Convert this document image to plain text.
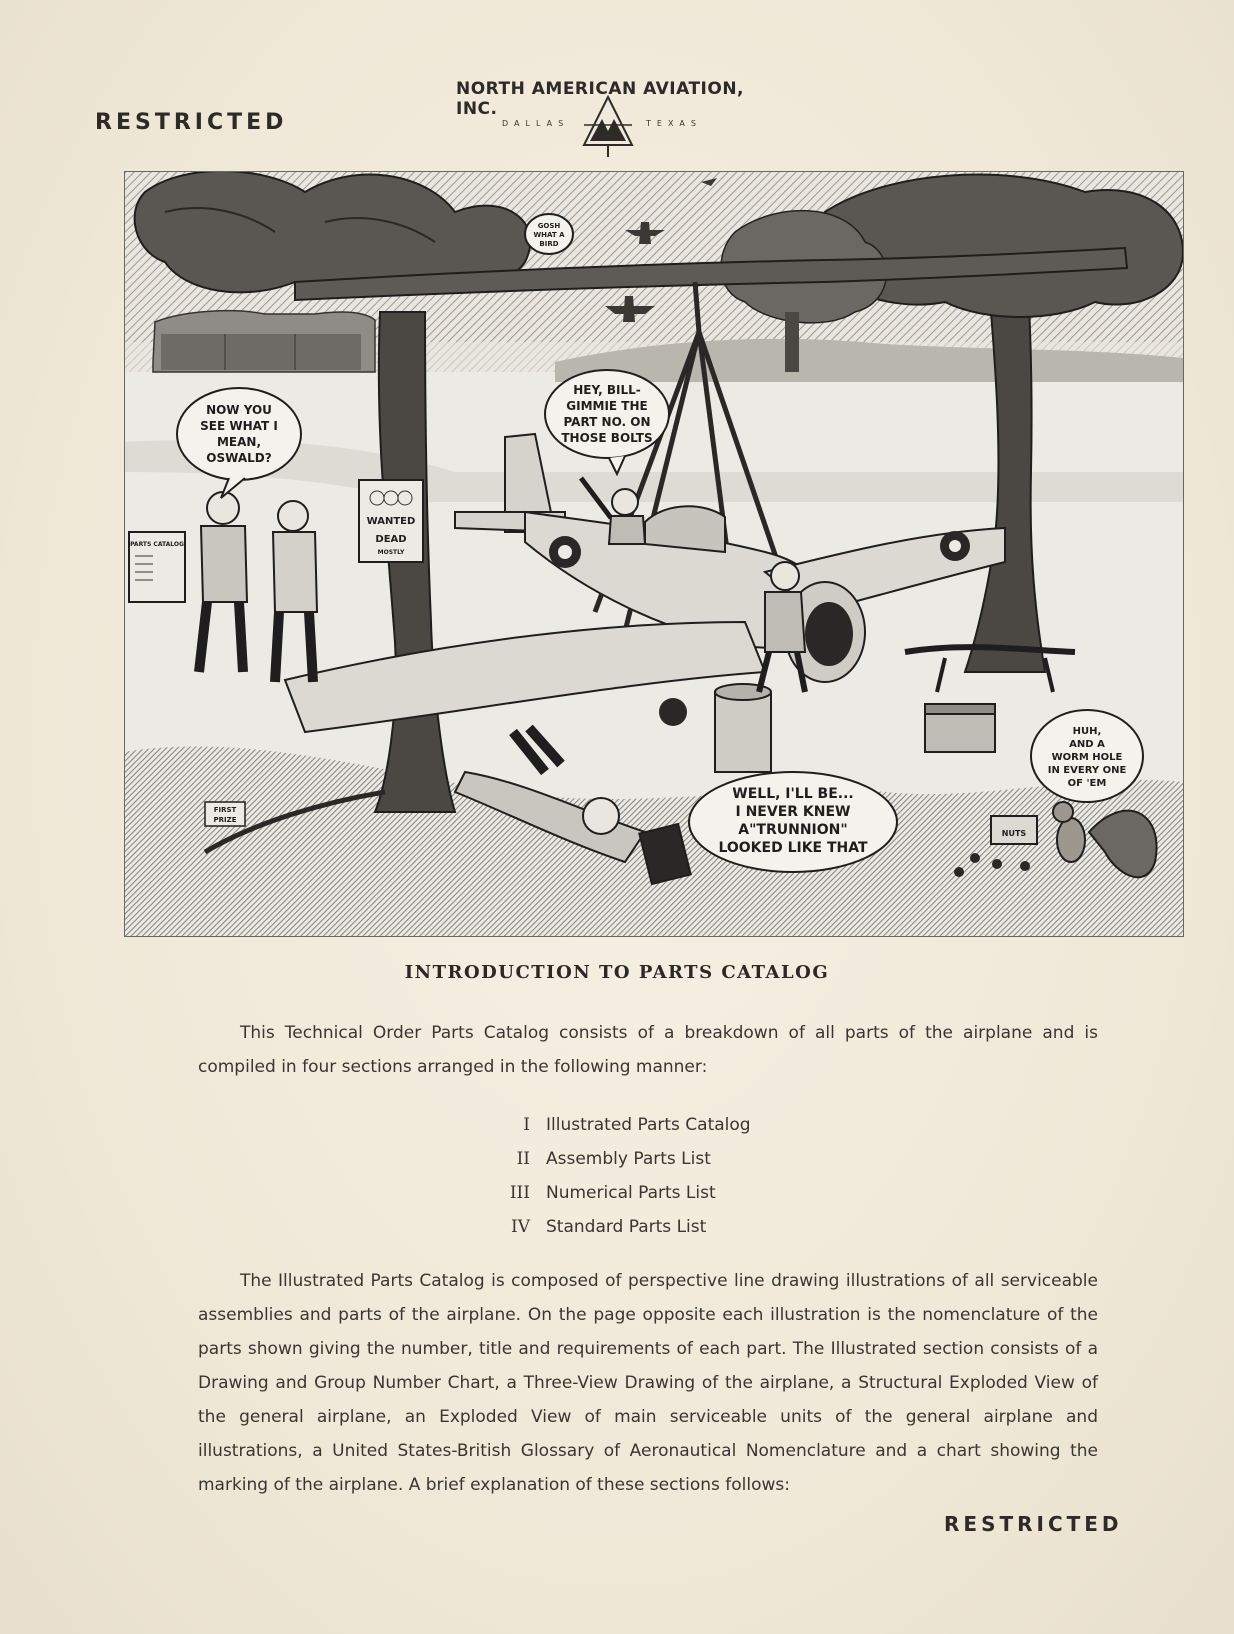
RESTRICTED
NORTH AMERICAN AVIATION, INC.
DALLAS	TEXAS
PARTS CATALOG
WANTED
DEAD
MOSTLY
NUTS
FIRST
PRIZE
GOSH
WHAT A
BIRD
HEY, BILL-
GIMMIE THE
PART NO. ON
THOSE BOLTS
NOW YOU
SEE WHAT I
MEAN,
OSWALD?
HUH,
AND A
WORM HOLE
IN EVERY ONE
OF 'EM
WELL, I'LL BE...
I NEVER KNEW
A"TRUNNION"
LOOKED LIKE THAT
INTRODUCTION TO PARTS CATALOG

This Technical Order Parts Catalog consists of a breakdown of all parts of the airplane and is compiled in four sections arranged in the following manner:

I Illustrated Parts Catalog
II Assembly Parts List
III Numerical Parts List
IV Standard Parts List

The Illustrated Parts Catalog is composed of perspective line drawing illustrations of all serviceable assemblies and parts of the airplane. On the page opposite each illustration is the nomenclature of the parts shown giving the number, title and requirements of each part. The Illustrated section consists of a Drawing and Group Number Chart, a Three-View Drawing of the airplane, a Structural Exploded View of the general airplane, an Exploded View of main serviceable units of the general airplane and illustrations, a United States-British Glossary of Aeronautical Nomenclature and a chart showing the marking of the airplane. A brief explanation of these sections follows:

RESTRICTED
